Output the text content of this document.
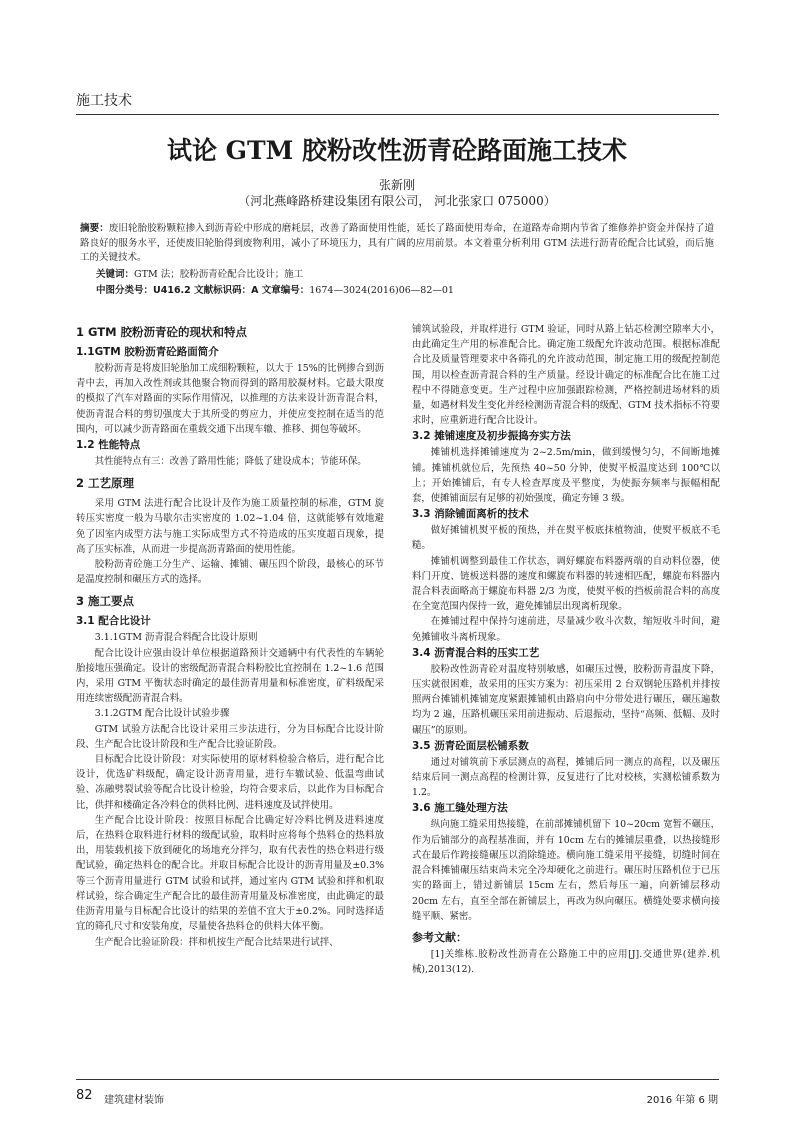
施工技术
试论 GTM 胶粉改性沥青砼路面施工技术
张新刚
（河北燕峰路桥建设集团有限公司， 河北张家口 075000）
摘要：废旧轮胎胶粉颗粒掺入到沥青砼中形成的磨耗层，改善了路面使用性能，延长了路面使用寿命，在道路寿命期内节省了维修养护资金并保持了道路良好的服务水平，还使废旧轮胎得到废物利用，减小了环境压力，具有广阔的应用前景。本文着重分析利用 GTM 法进行沥青砼配合比试验，而后施工的关键技术。
关键词：GTM 法；胶粉沥青砼配合比设计；施工
中图分类号：U416.2 文献标识码：A 文章编号：1674—3024(2016)06—82—01
1 GTM 胶粉沥青砼的现状和特点
1.1GTM 胶粉沥青砼路面简介

胶粉沥青是将废旧轮胎加工成细粉颗粒，以大于 15%的比例掺合到沥青中去，再加入改性剂或其他聚合物而得到的路用胶凝材料。它最大限度的模拟了汽车对路面的实际作用情况，以推理的方法来设计沥青混合料，使沥青混合料的剪切强度大于其所受的剪应力，并使应变控制在适当的范围内，可以减少沥青路面在重载交通下出现车辙、推移、拥包等破坏。

1.2 性能特点

其性能特点有三：改善了路用性能；降低了建设成本；节能环保。

2 工艺原理

采用 GTM 法进行配合比设计及作为施工质量控制的标准，GTM 旋转压实密度一般为马歇尔击实密度的 1.02~1.04 倍，这就能够有效地避免了因室内成型方法与施工实际成型方式不符造成的压实度超百现象，提高了压实标准，从而进一步提高沥青路面的使用性能。

胶粉沥青砼施工分生产、运输、摊铺、碾压四个阶段，最核心的环节是温度控制和碾压方式的选择。

3 施工要点
3.1 配合比设计

3.1.1GTM 沥青混合料配合比设计原则

配合比设计应强由设计单位根据道路预计交通辆中有代表性的车辆轮胎接地压强确定。设计的密级配沥青混合料粉胶比宜控制在 1.2~1.6 范围内，采用 GTM 平衡状态时确定的最佳沥青用量和标准密度，矿料级配采用连续密级配沥青混合料。

3.1.2GTM 配合比设计试验步骤

GTM 试验方法配合比设计采用三步法进行，分为目标配合比设计阶段、生产配合比设计阶段和生产配合比验证阶段。

目标配合比设计阶段：对实际使用的原材料检验合格后，进行配合比设计，优选矿料级配，确定设计沥青用量，进行车辙试验、低温弯曲试验、冻融劈裂试验等配合比设计检验，均符合要求后，以此作为目标配合比，供拌和楼确定各冷料仓的供料比例、进料速度及试拌使用。

生产配合比设计阶段：按照目标配合比确定好冷料比例及进料速度后，在热料仓取料进行材料的级配试验，取料时应将每个热料仓的热料放出，用装载机接下放到硬化的场地充分拌匀，取有代表性的热仓料进行级配试验，确定热料仓的配合比。并取目标配合比设计的沥青用量及±0.3%等三个沥青用量进行 GTM 试验和试拌，通过室内 GTM 试验和拌和机取样试验，综合确定生产配合比的最佳沥青用量及标准密度，由此确定的最佳沥青用量与目标配合比设计的结果的差值不宜大于±0.2%。同时选择适宜的筛孔尺寸和安装角度，尽量使各热料仓的供料大体平衡。

生产配合比验证阶段：拌和机按生产配合比结果进行试拌、

铺筑试验段，并取样进行 GTM 验证，同时从路上钻芯检测空隙率大小，由此确定生产用的标准配合比。确定施工级配允许波动范围。根据标准配合比及质量管理要求中各筛孔的允许波动范围，制定施工用的级配控制范围，用以检查沥青混合料的生产质量。经设计确定的标准配合比在施工过程中不得随意变更。生产过程中应加强跟踪检测，严格控制进场材料的质量，如遇材料发生变化并经检测沥青混合料的级配、GTM 技术指标不符要求时，应重新进行配合比设计。

3.2 摊铺速度及初步振捣夯实方法

摊铺机选择摊铺速度为 2~2.5m/min，做到缓慢匀匀，不间断地摊铺。摊铺机就位后，先预热 40~50 分钟，使熨平板温度达到 100℃以上；开始摊铺后，有专人检查厚度及平整度，为使振夯频率与振幅相配套，使摊铺面层有足够的初始强度，确定夯锤 3 级。

3.3 消除铺面离析的技术

做好摊铺机熨平板的预热，并在熨平板底抹植物油，使熨平板底不毛糙。

摊铺机调整到最佳工作状态，调好螺旋布料器两端的自动料位器，使料门开度、链板送料器的速度和螺旋布料器的转速相匹配，螺旋布料器内混合料表面略高于螺旋布料器 2/3 为度，使熨平板的挡板前混合料的高度在全宽范围内保持一致，避免摊铺层出现离析现象。

在摊铺过程中保持匀速前进，尽量减少收斗次数，缩短收斗时间，避免摊铺收斗离析现象。

3.4 沥青混合料的压实工艺

胶粉改性沥青砼对温度特别敏感，如碾压过慢，胶粉沥青温度下降，压实就很困难，故采用的压实方案为：初压采用 2 台双钢轮压路机并排按照两台摊铺机摊铺宽度紧跟摊铺机由路肩向中分带处进行碾压，碾压遍数均为 2 遍，压路机碾压采用前进振动、后退振动，坚持“高频、低幅、及时碾压”的原则。

3.5 沥青砼面层松铺系数

通过对铺筑前下承层测点的高程，摊铺后同一测点的高程，以及碾压结束后同一测点高程的检测计算，反复进行了比对校核，实测松铺系数为 1.2。

3.6 施工缝处理方法

纵向施工缝采用热接缝，在前部摊铺机留下 10~20cm 宽暂不碾压，作为后铺部分的高程基准面，并有 10cm 左右的摊铺层重叠，以热接缝形式在最后作跨接缝碾压以消除缝迹。横向施工缝采用平接缝，切缝时间在混合料摊铺碾压结束尚未完全冷却硬化之前进行。碾压时压路机位于已压实的路面上，错过新铺层 15cm 左右，然后每压一遍，向新铺层移动 20cm 左右，直至全部在新铺层上，再改为纵向碾压。横缝处要求横向接缝平顺、紧密。

参考文献：

[1]关维栋.胶粉改性沥青在公路施工中的应用[J].交通世界(建养.机械),2013(12).

82 建筑建材装饰	2016 年第 6 期
